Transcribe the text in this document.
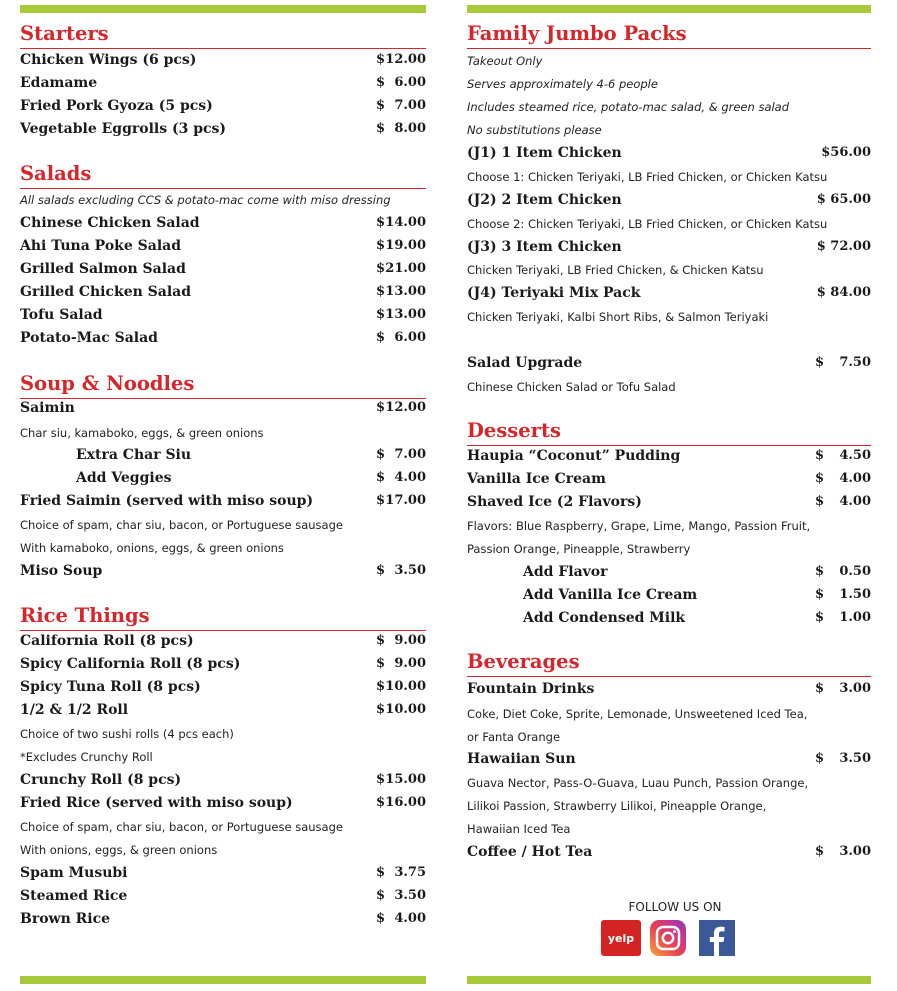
Starters
Chicken Wings (6 pcs)	$ 12.00
Edamame	$ 6.00
Fried Pork Gyoza (5 pcs)	$ 7.00
Vegetable Eggrolls (3 pcs)	$ 8.00
Salads
All salads excluding CCS & potato-mac come with miso dressing
Chinese Chicken Salad	$ 14.00
Ahi Tuna Poke Salad	$ 19.00
Grilled Salmon Salad	$ 21.00
Grilled Chicken Salad	$ 13.00
Tofu Salad	$ 13.00
Potato-Mac Salad	$ 6.00
Soup & Noodles
Saimin	$ 12.00
Char siu, kamaboko, eggs, & green onions
Extra Char Siu	$ 7.00
Add Veggies	$ 4.00
Fried Saimin (served with miso soup)	$ 17.00
Choice of spam, char siu, bacon, or Portuguese sausage
With kamaboko, onions, eggs, & green onions
Miso Soup	$ 3.50
Rice Things
California Roll (8 pcs)	$ 9.00
Spicy California Roll (8 pcs)	$ 9.00
Spicy Tuna Roll (8 pcs)	$ 10.00
1/2 & 1/2 Roll	$ 10.00
Choice of two sushi rolls (4 pcs each)
*Excludes Crunchy Roll
Crunchy Roll (8 pcs)	$ 15.00
Fried Rice (served with miso soup)	$ 16.00
Choice of spam, char siu, bacon, or Portuguese sausage
With onions, eggs, & green onions
Spam Musubi	$ 3.75
Steamed Rice	$ 3.50
Brown Rice	$ 4.00
Family Jumbo Packs
Takeout Only
Serves approximately 4-6 people
Includes steamed rice, potato-mac salad, & green salad
No substitutions please
(J1) 1 Item Chicken	$56.00
Choose 1: Chicken Teriyaki, LB Fried Chicken, or Chicken Katsu
(J2) 2 Item Chicken	$ 65.00
Choose 2: Chicken Teriyaki, LB Fried Chicken, or Chicken Katsu
(J3) 3 Item Chicken	$ 72.00
Chicken Teriyaki, LB Fried Chicken, & Chicken Katsu
(J4) Teriyaki Mix Pack	$ 84.00
Chicken Teriyaki, Kalbi Short Ribs, & Salmon Teriyaki
Salad Upgrade	$ 7.50
Chinese Chicken Salad or Tofu Salad
Desserts
Haupia “Coconut” Pudding	$ 4.50
Vanilla Ice Cream	$ 4.00
Shaved Ice (2 Flavors)	$ 4.00
Flavors: Blue Raspberry, Grape, Lime, Mango, Passion Fruit,
Passion Orange, Pineapple, Strawberry
Add Flavor	$ 0.50
Add Vanilla Ice Cream	$ 1.50
Add Condensed Milk	$ 1.00
Beverages
Fountain Drinks	$ 3.00
Coke, Diet Coke, Sprite, Lemonade, Unsweetened Iced Tea,
or Fanta Orange
Hawaiian Sun	$ 3.50
Guava Nector, Pass-O-Guava, Luau Punch, Passion Orange,
Lilikoi Passion, Strawberry Lilikoi, Pineapple Orange,
Hawaiian Iced Tea
Coffee / Hot Tea	$ 3.00
FOLLOW US ON
yelp
